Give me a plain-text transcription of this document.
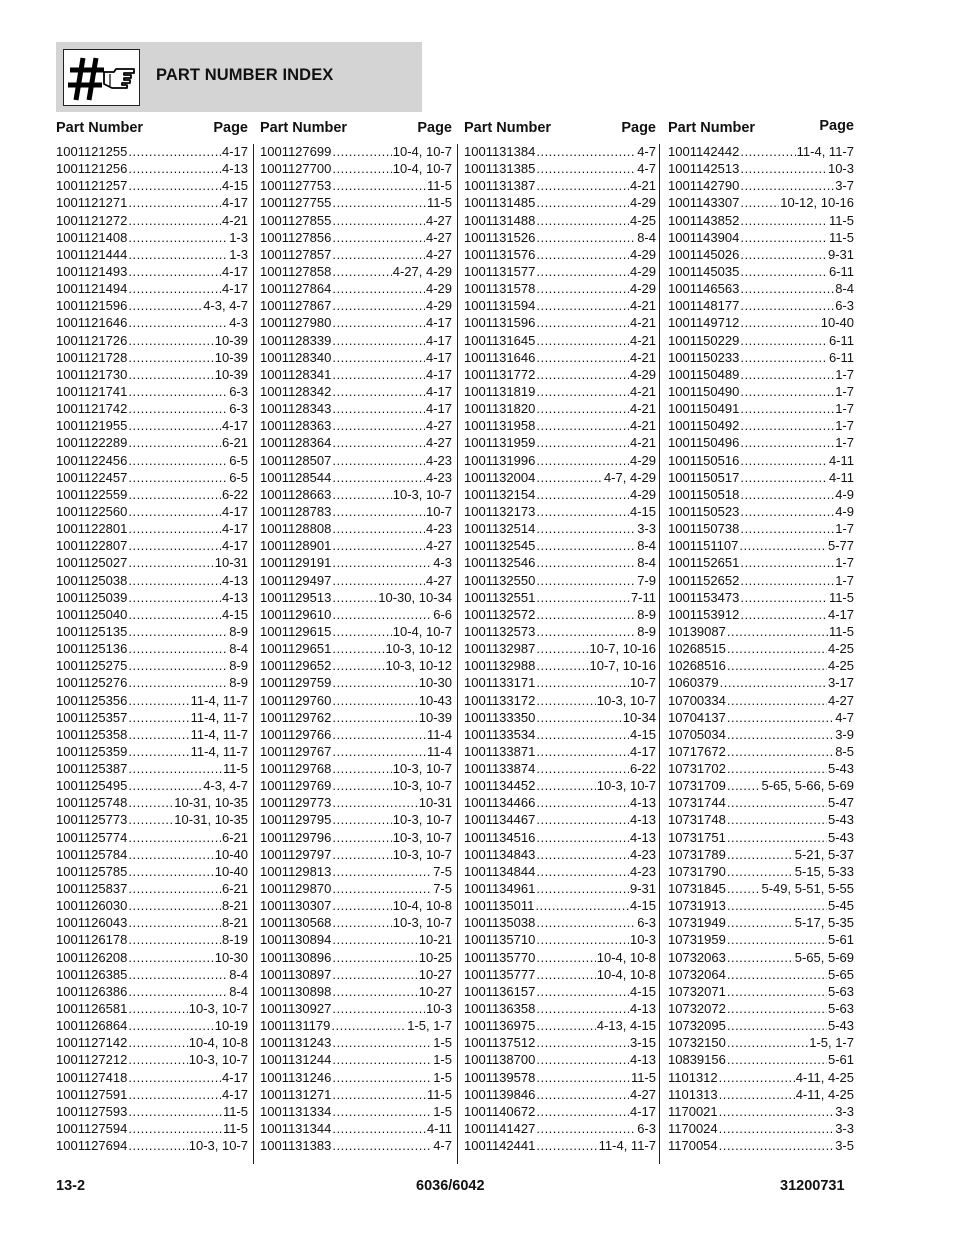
PART NUMBER INDEX
Part Number	Page
1001121255 .....	4-17
1001121256 .....	4-13
1001121257 .....	4-15
1001121271 .....	4-17
1001121272 .....	4-21
1001121408 .....	1-3
1001121444 .....	1-3
1001121493 .....	4-17
1001121494 .....	4-17
1001121596 .....	4-3, 4-7
1001121646 .....	4-3
1001121726 .....	10-39
1001121728 .....	10-39
1001121730 .....	10-39
1001121741 .....	6-3
1001121742 .....	6-3
1001121955 .....	4-17
1001122289 .....	6-21
1001122456 .....	6-5
1001122457 .....	6-5
1001122559 .....	6-22
1001122560 .....	4-17
1001122801 .....	4-17
1001122807 .....	4-17
1001125027 .....	10-31
1001125038 .....	4-13
1001125039 .....	4-13
1001125040 .....	4-15
1001125135 .....	8-9
1001125136 .....	8-4
1001125275 .....	8-9
1001125276 .....	8-9
1001125356 .....	11-4, 11-7
1001125357 .....	11-4, 11-7
1001125358 .....	11-4, 11-7
1001125359 .....	11-4, 11-7
1001125387 .....	11-5
1001125495 .....	4-3, 4-7
1001125748 .....	10-31, 10-35
1001125773 .....	10-31, 10-35
1001125774 .....	6-21
1001125784 .....	10-40
1001125785 .....	10-40
1001125837 .....	6-21
1001126030 .....	8-21
1001126043 .....	8-21
1001126178 .....	8-19
1001126208 .....	10-30
1001126385 .....	8-4
1001126386 .....	8-4
1001126581 .....	10-3, 10-7
1001126864 .....	10-19
1001127142 .....	10-4, 10-8
1001127212 .....	10-3, 10-7
1001127418 .....	4-17
1001127591 .....	4-17
1001127593 .....	11-5
1001127594 .....	11-5
1001127694 .....	10-3, 10-7
Part Number	Page
1001127699 .....	10-4, 10-7
1001127700 .....	10-4, 10-7
1001127753 .....	11-5
1001127755 .....	11-5
1001127855 .....	4-27
1001127856 .....	4-27
1001127857 .....	4-27
1001127858 .....	4-27, 4-29
1001127864 .....	4-29
1001127867 .....	4-29
1001127980 .....	4-17
1001128339 .....	4-17
1001128340 .....	4-17
1001128341 .....	4-17
1001128342 .....	4-17
1001128343 .....	4-17
1001128363 .....	4-27
1001128364 .....	4-27
1001128507 .....	4-23
1001128544 .....	4-23
1001128663 .....	10-3, 10-7
1001128783 .....	10-7
1001128808 .....	4-23
1001128901 .....	4-27
1001129191 .....	4-3
1001129497 .....	4-27
1001129513 .....	10-30, 10-34
1001129610 .....	6-6
1001129615 .....	10-4, 10-7
1001129651 .....	10-3, 10-12
1001129652 .....	10-3, 10-12
1001129759 .....	10-30
1001129760 .....	10-43
1001129762 .....	10-39
1001129766 .....	11-4
1001129767 .....	11-4
1001129768 .....	10-3, 10-7
1001129769 .....	10-3, 10-7
1001129773 .....	10-31
1001129795 .....	10-3, 10-7
1001129796 .....	10-3, 10-7
1001129797 .....	10-3, 10-7
1001129813 .....	7-5
1001129870 .....	7-5
1001130307 .....	10-4, 10-8
1001130568 .....	10-3, 10-7
1001130894 .....	10-21
1001130896 .....	10-25
1001130897 .....	10-27
1001130898 .....	10-27
1001130927 .....	10-3
1001131179 .....	1-5, 1-7
1001131243 .....	1-5
1001131244 .....	1-5
1001131246 .....	1-5
1001131271 .....	11-5
1001131334 .....	1-5
1001131344 .....	4-11
1001131383 .....	4-7
Part Number	Page
1001131384 .....	4-7
1001131385 .....	4-7
1001131387 .....	4-21
1001131485 .....	4-29
1001131488 .....	4-25
1001131526 .....	8-4
1001131576 .....	4-29
1001131577 .....	4-29
1001131578 .....	4-29
1001131594 .....	4-21
1001131596 .....	4-21
1001131645 .....	4-21
1001131646 .....	4-21
1001131772 .....	4-29
1001131819 .....	4-21
1001131820 .....	4-21
1001131958 .....	4-21
1001131959 .....	4-21
1001131996 .....	4-29
1001132004 .....	4-7, 4-29
1001132154 .....	4-29
1001132173 .....	4-15
1001132514 .....	3-3
1001132545 .....	8-4
1001132546 .....	8-4
1001132550 .....	7-9
1001132551 .....	7-11
1001132572 .....	8-9
1001132573 .....	8-9
1001132987 .....	10-7, 10-16
1001132988 .....	10-7, 10-16
1001133171 .....	10-7
1001133172 .....	10-3, 10-7
1001133350 .....	10-34
1001133534 .....	4-15
1001133871 .....	4-17
1001133874 .....	6-22
1001134452 .....	10-3, 10-7
1001134466 .....	4-13
1001134467 .....	4-13
1001134516 .....	4-13
1001134843 .....	4-23
1001134844 .....	4-23
1001134961 .....	9-31
1001135011 .....	4-15
1001135038 .....	6-3
1001135710 .....	10-3
1001135770 .....	10-4, 10-8
1001135777 .....	10-4, 10-8
1001136157 .....	4-15
1001136358 .....	4-13
1001136975 .....	4-13, 4-15
1001137512 .....	3-15
1001138700 .....	4-13
1001139578 .....	11-5
1001139846 .....	4-27
1001140672 .....	4-17
1001141427 .....	6-3
1001142441 .....	11-4, 11-7
Part Number	Page
1001142442 .....	11-4, 11-7
1001142513 .....	10-3
1001142790 .....	3-7
1001143307 .....	10-12, 10-16
1001143852 .....	11-5
1001143904 .....	11-5
1001145026 .....	9-31
1001145035 .....	6-11
1001146563 .....	8-4
1001148177 .....	6-3
1001149712 .....	10-40
1001150229 .....	6-11
1001150233 .....	6-11
1001150489 .....	1-7
1001150490 .....	1-7
1001150491 .....	1-7
1001150492 .....	1-7
1001150496 .....	1-7
1001150516 .....	4-11
1001150517 .....	4-11
1001150518 .....	4-9
1001150523 .....	4-9
1001150738 .....	1-7
1001151107 .....	5-77
1001152651 .....	1-7
1001152652 .....	1-7
1001153473 .....	11-5
1001153912 .....	4-17
10139087 .....	11-5
10268515 .....	4-25
10268516 .....	4-25
1060379 .....	3-17
10700334 .....	4-27
10704137 .....	4-7
10705034 .....	3-9
10717672 .....	8-5
10731702 .....	5-43
10731709 .....	5-65, 5-66, 5-69
10731744 .....	5-47
10731748 .....	5-43
10731751 .....	5-43
10731789 .....	5-21, 5-37
10731790 .....	5-15, 5-33
10731845 .....	5-49, 5-51, 5-55
10731913 .....	5-45
10731949 .....	5-17, 5-35
10731959 .....	5-61
10732063 .....	5-65, 5-69
10732064 .....	5-65
10732071 .....	5-63
10732072 .....	5-63
10732095 .....	5-43
10732150 .....	1-5, 1-7
10839156 .....	5-61
1101312 .....	4-11, 4-25
1101313 .....	4-11, 4-25
1170021 .....	3-3
1170024 .....	3-3
1170054 .....	3-5
13-2	6036/6042	31200731
